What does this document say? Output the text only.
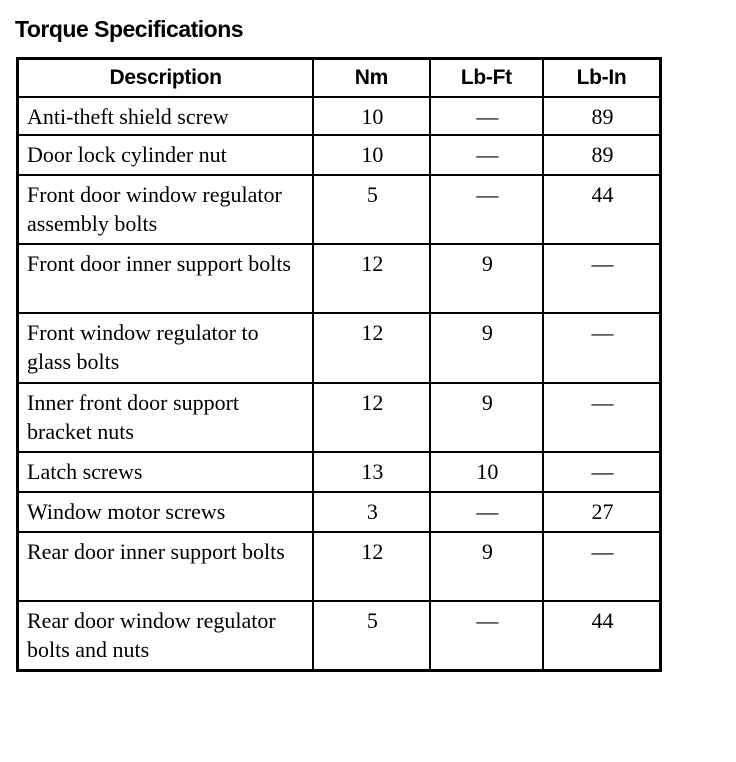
Torque Specifications
Description	Nm	Lb-Ft	Lb-In
Anti-theft shield screw	10	—	89
Door lock cylinder nut	10	—	89
Front door window regulator assembly bolts	5	—	44
Front door inner support bolts	12	9	—
Front window regulator to glass bolts	12	9	—
Inner front door support bracket nuts	12	9	—
Latch screws	13	10	—
Window motor screws	3	—	27
Rear door inner support bolts	12	9	—
Rear door window regulator bolts and nuts	5	—	44
